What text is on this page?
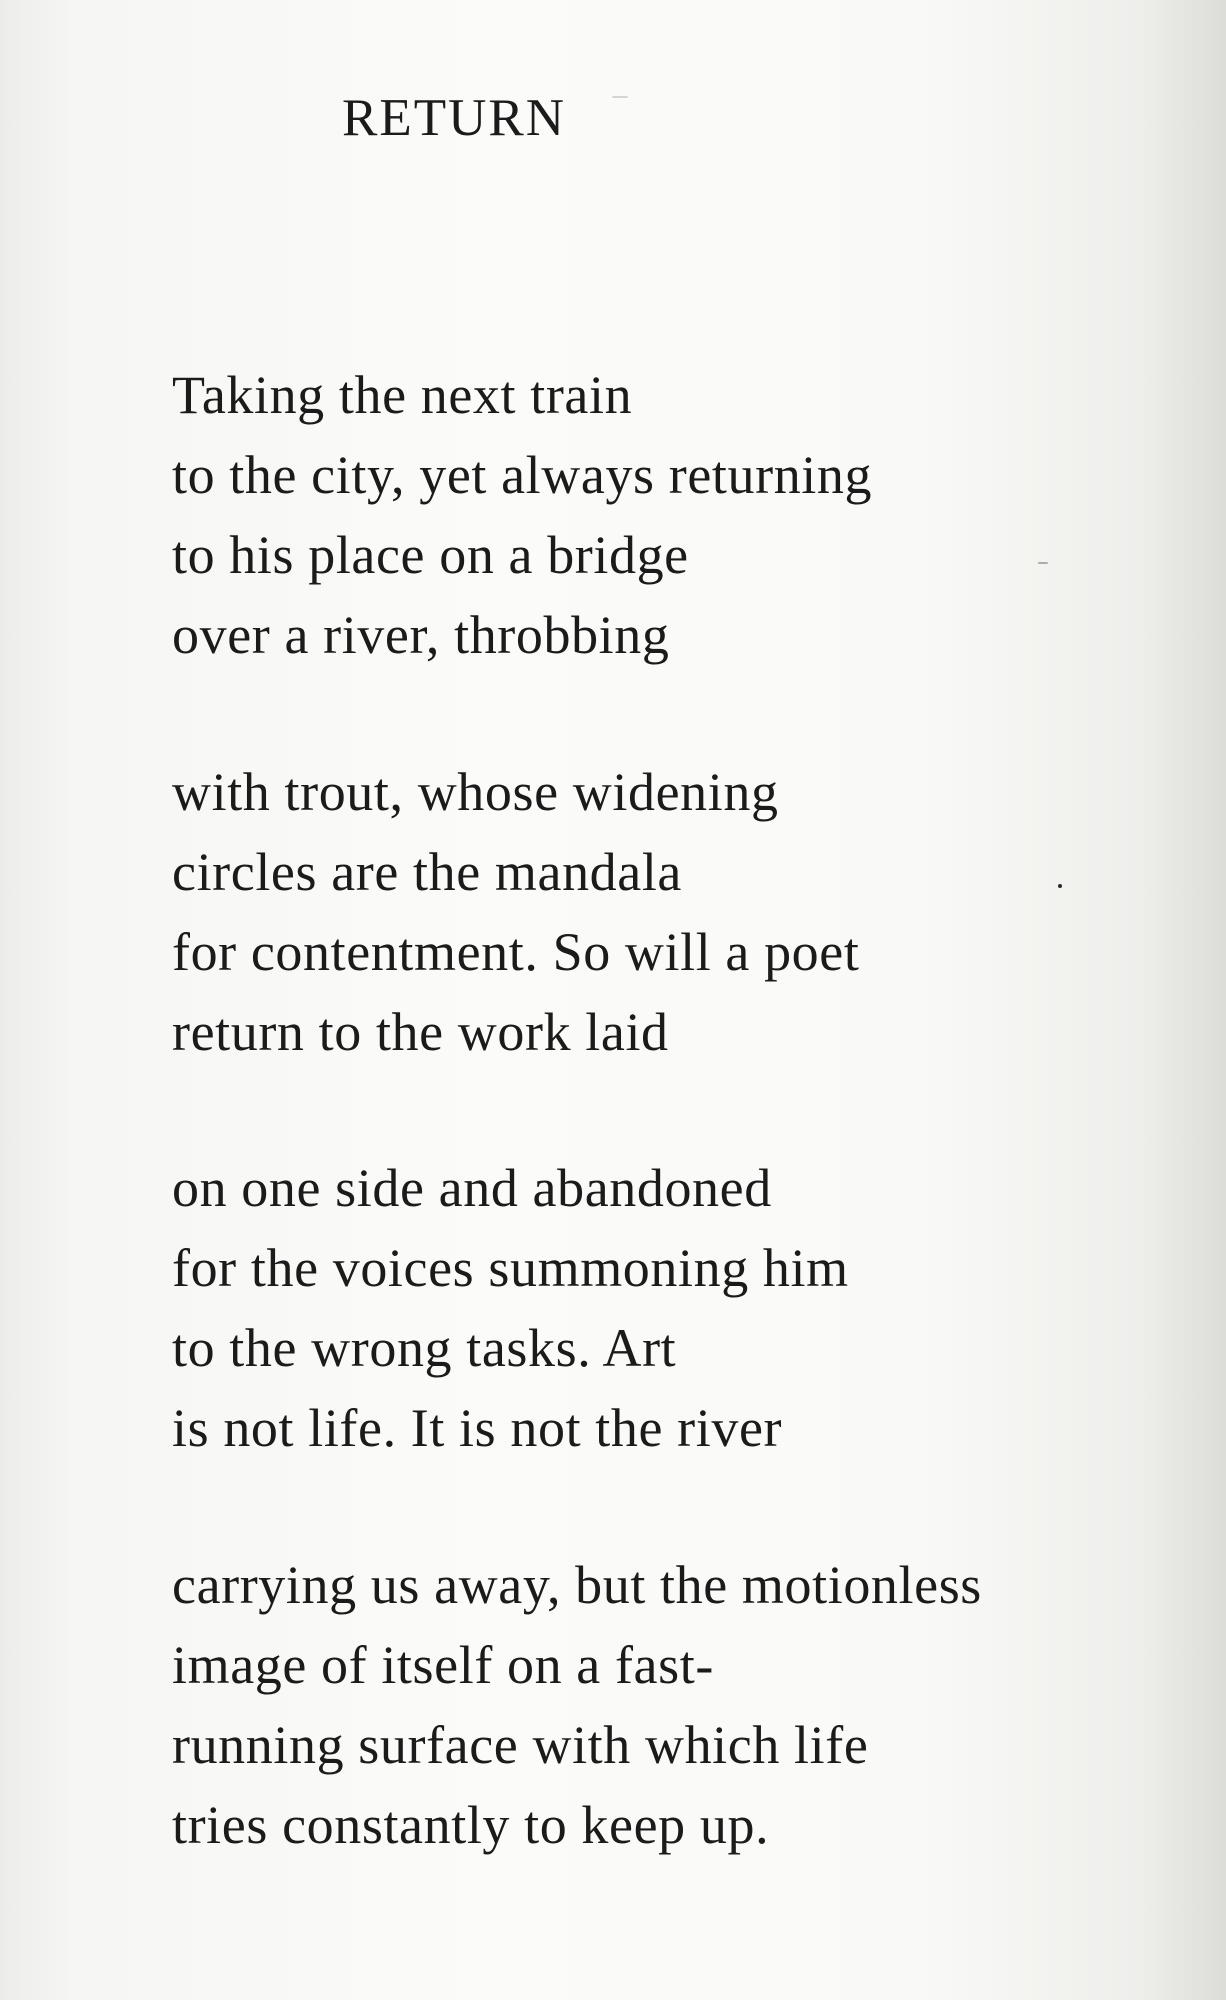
RETURN
Taking the next train
to the city, yet always returning
to his place on a bridge
over a river, throbbing
with trout, whose widening
circles are the mandala
for contentment. So will a poet
return to the work laid
on one side and abandoned
for the voices summoning him
to the wrong tasks. Art
is not life. It is not the river
carrying us away, but the motionless
image of itself on a fast-
running surface with which life
tries constantly to keep up.
